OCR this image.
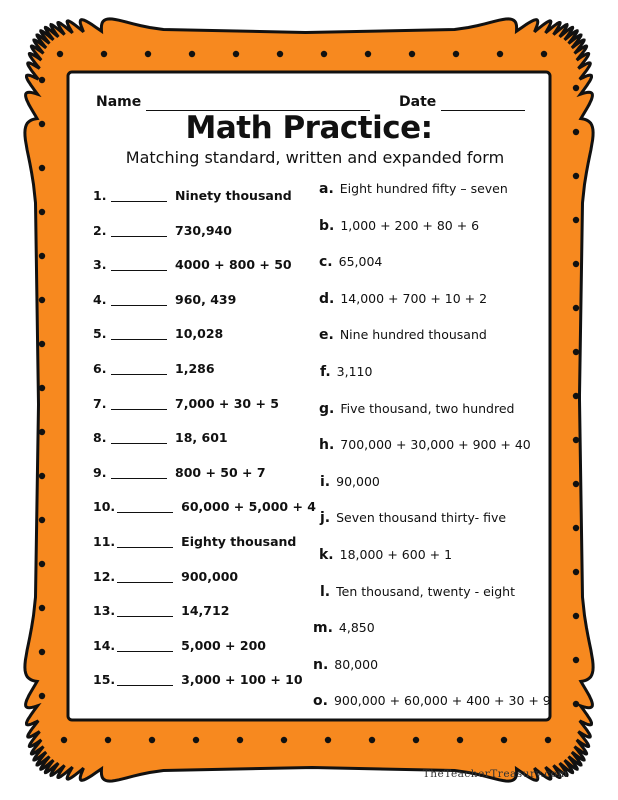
Name	Date
Math Practice:
Matching standard, written and expanded form
1.	Ninety thousand
2.	730,940
3.	4000 + 800 + 50
4.	960, 439
5.	10,028
6.	1,286
7.	7,000 + 30 + 5
8.	18, 601
9.	800 + 50 + 7
10.	60,000 + 5,000 + 4
11.	Eighty thousand
12.	900,000
13.	14,712
14.	5,000 + 200
15.	3,000 + 100 + 10
a. Eight hundred fifty – seven
b. 1,000 + 200 + 80 + 6
c. 65,004
d. 14,000 + 700 + 10 + 2
e. Nine hundred thousand
f. 3,110
g. Five thousand, two hundred
h. 700,000 + 30,000 + 900 + 40
i. 90,000
j. Seven thousand thirty- five
k. 18,000 + 600 + 1
l. Ten thousand, twenty - eight
m. 4,850
n. 80,000
o. 900,000 + 60,000 + 400 + 30 + 9
TheTeacherTreasury.com
